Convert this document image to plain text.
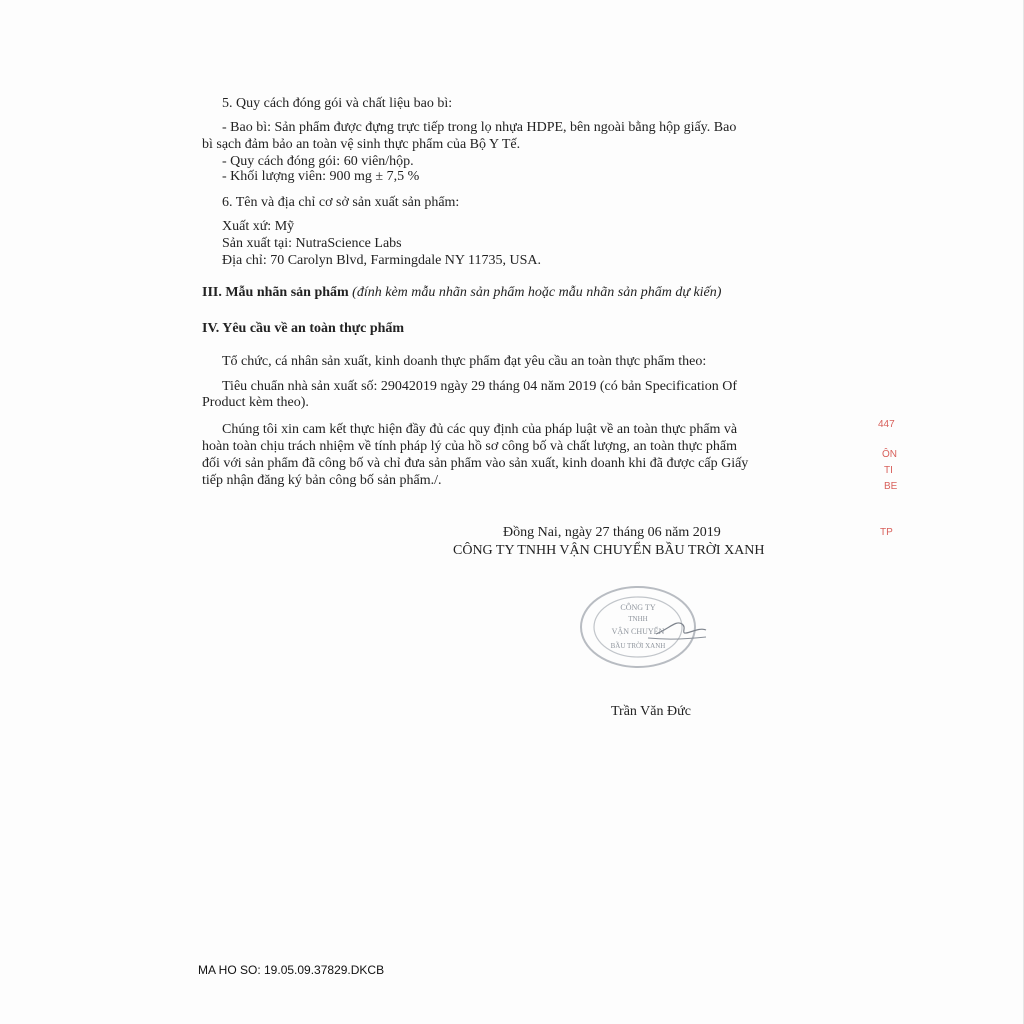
5. Quy cách đóng gói và chất liệu bao bì:
- Bao bì: Sản phẩm được đựng trực tiếp trong lọ nhựa HDPE, bên ngoài bằng hộp giấy. Bao
bì sạch đảm bảo an toàn vệ sinh thực phẩm của Bộ Y Tế.
- Quy cách đóng gói: 60 viên/hộp.
- Khối lượng viên: 900 mg ± 7,5 %
6. Tên và địa chỉ cơ sở sản xuất sản phẩm:
Xuất xứ: Mỹ
Sản xuất tại: NutraScience Labs
Địa chỉ: 70 Carolyn Blvd, Farmingdale NY 11735, USA.
III. Mẫu nhãn sản phẩm (đính kèm mẫu nhãn sản phẩm hoặc mẫu nhãn sản phẩm dự kiến)
IV. Yêu cầu về an toàn thực phẩm
Tổ chức, cá nhân sản xuất, kinh doanh thực phẩm đạt yêu cầu an toàn thực phẩm theo:
Tiêu chuẩn nhà sản xuất số: 29042019 ngày 29 tháng 04 năm 2019 (có bản Specification Of
Product kèm theo).
Chúng tôi xin cam kết thực hiện đầy đủ các quy định của pháp luật về an toàn thực phẩm và
hoàn toàn chịu trách nhiệm về tính pháp lý của hồ sơ công bố và chất lượng, an toàn thực phẩm
đối với sản phẩm đã công bố và chỉ đưa sản phẩm vào sản xuất, kinh doanh khi đã được cấp Giấy
tiếp nhận đăng ký bản công bố sản phẩm./.
Đồng Nai, ngày 27 tháng 06 năm 2019
CÔNG TY TNHH VẬN CHUYỂN BẦU TRỜI XANH
CÔNG TY
TNHH
VẬN CHUYỂN
BẦU TRỜI XANH
Trần Văn Đức
MA HO SO: 19.05.09.37829.DKCB
447
ÔN
TI
BE
TP
